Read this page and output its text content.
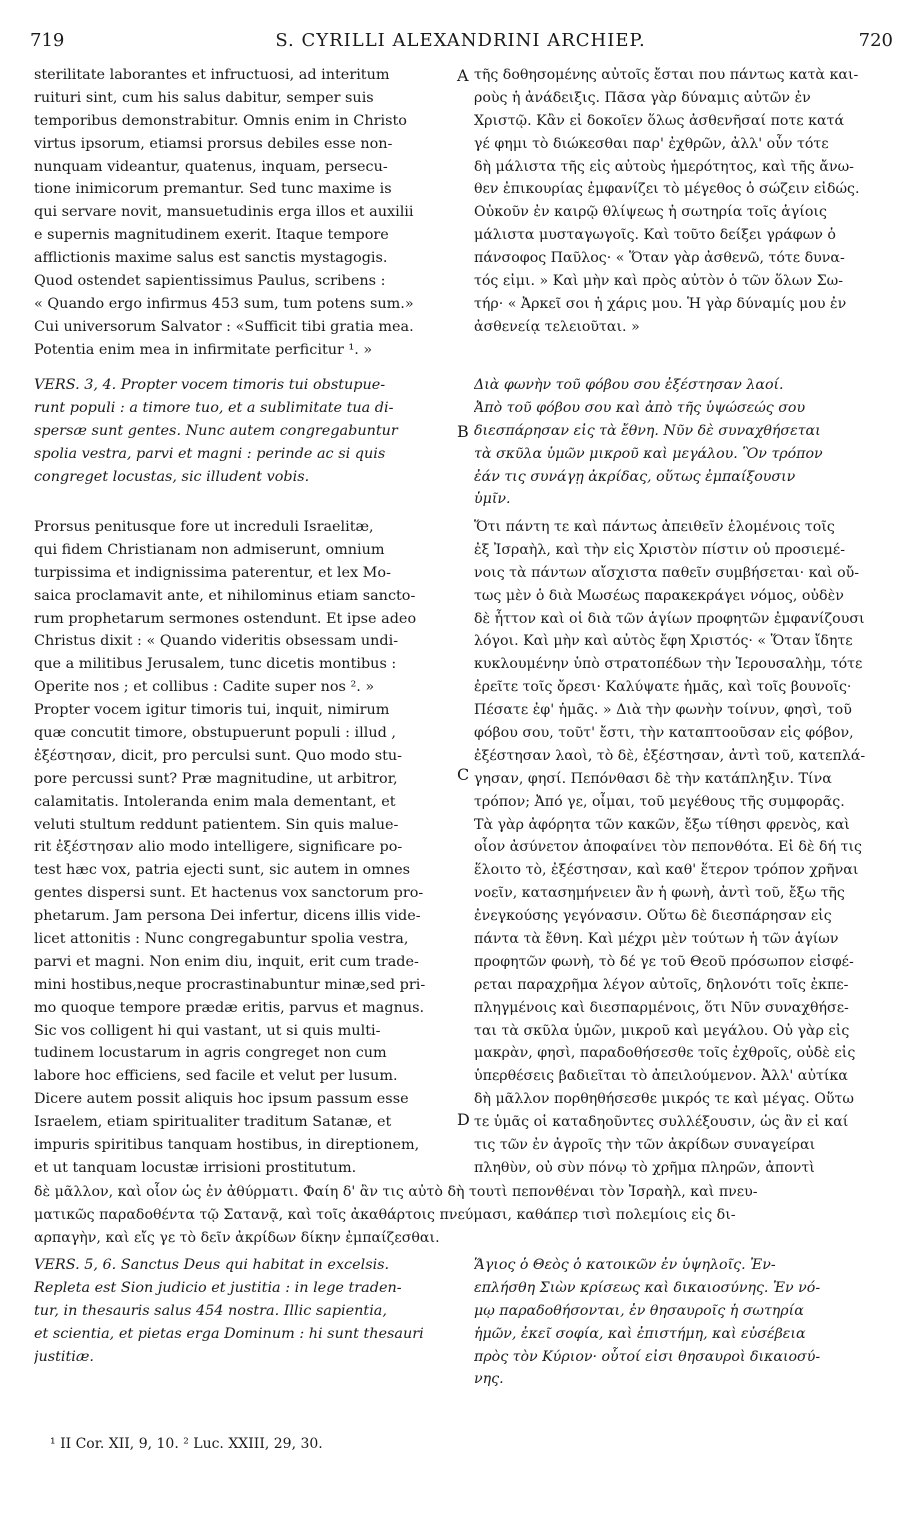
719	S. CYRILLI ALEXANDRINI ARCHIEP.	720
sterilitate laborantes et infructuosi, ad interitum
ruituri sint, cum his salus dabitur, semper suis
temporibus demonstrabitur. Omnis enim in Christo
virtus ipsorum, etiamsi prorsus debiles esse non-
nunquam videantur, quatenus, inquam, persecu-
tione inimicorum premantur. Sed tunc maxime is
qui servare novit, mansuetudinis erga illos et auxilii
e supernis magnitudinem exerit. Itaque tempore
afflictionis maxime salus est sanctis mystagogis.
Quod ostendet sapientissimus Paulus, scribens :
« Quando ergo infirmus 453 sum, tum potens sum.»
Cui universorum Salvator : «Sufficit tibi gratia mea.
Potentia enim mea in infirmitate perficitur ¹. »
VERS. 3, 4. Propter vocem timoris tui obstupue-
runt populi : a timore tuo, et a sublimitate tua di-
spersæ sunt gentes. Nunc autem congregabuntur
spolia vestra, parvi et magni : perinde ac si quis
congreget locustas, sic illudent vobis.
Prorsus penitusque fore ut increduli Israelitæ,
qui fidem Christianam non admiserunt, omnium
turpissima et indignissima paterentur, et lex Mo-
saica proclamavit ante, et nihilominus etiam sancto-
rum prophetarum sermones ostendunt. Et ipse adeo
Christus dixit : « Quando videritis obsessam undi-
que a militibus Jerusalem, tunc dicetis montibus :
Operite nos ; et collibus : Cadite super nos ². »
Propter vocem igitur timoris tui, inquit, nimirum
quæ concutit timore, obstupuerunt populi : illud ,
ἐξέστησαν, dicit, pro perculsi sunt. Quo modo stu-
pore percussi sunt? Præ magnitudine, ut arbitror,
calamitatis. Intoleranda enim mala dementant, et
veluti stultum reddunt patientem. Sin quis malue-
rit ἐξέστησαν alio modo intelligere, significare po-
test hæc vox, patria ejecti sunt, sic autem in omnes
gentes dispersi sunt. Et hactenus vox sanctorum pro-
phetarum. Jam persona Dei infertur, dicens illis vide-
licet attonitis : Nunc congregabuntur spolia vestra,
parvi et magni. Non enim diu, inquit, erit cum trade-
mini hostibus,neque procrastinabuntur minæ,sed pri-
mo quoque tempore prædæ eritis, parvus et magnus.
Sic vos colligent hi qui vastant, ut si quis multi-
tudinem locustarum in agris congreget non cum
labore hoc efficiens, sed facile et velut per lusum.
Dicere autem possit aliquis hoc ipsum passum esse
Israelem, etiam spiritualiter traditum Satanæ, et
impuris spiritibus tanquam hostibus, in direptionem,
et ut tanquam locustæ irrisioni prostitutum.
τῆς δοθησομένης αὐτοῖς ἔσται που πάντως κατὰ και-
ροὺς ἡ ἀνάδειξις. Πᾶσα γὰρ δύναμις αὐτῶν ἐν
Χριστῷ. Κἂν εἰ δοκοῖεν ὅλως ἀσθενῆσαί ποτε κατά
γέ φημι τὸ διώκεσθαι παρ' ἐχθρῶν, ἀλλ' οὖν τότε
δὴ μάλιστα τῆς εἰς αὐτοὺς ἡμερότητος, καὶ τῆς ἄνω-
θεν ἐπικουρίας ἐμφανίζει τὸ μέγεθος ὁ σώζειν εἰδώς.
Οὐκοῦν ἐν καιρῷ θλίψεως ἡ σωτηρία τοῖς ἁγίοις
μάλιστα μυσταγωγοῖς. Καὶ τοῦτο δείξει γράφων ὁ
πάνσοφος Παῦλος· « Ὅταν γὰρ ἀσθενῶ, τότε δυνα-
τός εἰμι. » Καὶ μὴν καὶ πρὸς αὐτὸν ὁ τῶν ὅλων Σω-
τήρ· « Ἀρκεῖ σοι ἡ χάρις μου. Ἡ γὰρ δύναμίς μου ἐν
ἀσθενείᾳ τελειοῦται. »
Διὰ φωνὴν τοῦ φόβου σου ἐξέστησαν λαοί.
Ἀπὸ τοῦ φόβου σου καὶ ἀπὸ τῆς ὑψώσεώς σου
διεσπάρησαν εἰς τὰ ἔθνη. Νῦν δὲ συναχθήσεται
τὰ σκῦλα ὑμῶν μικροῦ καὶ μεγάλου. Ὃν τρόπον
ἐάν τις συνάγῃ ἀκρίδας, οὕτως ἐμπαίξουσιν
ὑμῖν.
Ὅτι πάντη τε καὶ πάντως ἀπειθεῖν ἑλομένοις τοῖς
ἐξ Ἰσραὴλ, καὶ τὴν εἰς Χριστὸν πίστιν οὐ προσιεμέ-
νοις τὰ πάντων αἴσχιστα παθεῖν συμβήσεται· καὶ οὔ-
τως μὲν ὁ διὰ Μωσέως παρακεκράγει νόμος, οὐδὲν
δὲ ἧττον καὶ οἱ διὰ τῶν ἁγίων προφητῶν ἐμφανίζουσι
λόγοι. Καὶ μὴν καὶ αὐτὸς ἔφη Χριστός· « Ὅταν ἴδητε
κυκλουμένην ὑπὸ στρατοπέδων τὴν Ἱερουσαλὴμ, τότε
ἐρεῖτε τοῖς ὄρεσι· Καλύψατε ἡμᾶς, καὶ τοῖς βουνοῖς·
Πέσατε ἐφ' ἡμᾶς. » Διὰ τὴν φωνὴν τοίνυν, φησὶ, τοῦ
φόβου σου, τοῦτ' ἔστι, τὴν καταπτοοῦσαν εἰς φόβον,
ἐξέστησαν λαοὶ, τὸ δὲ, ἐξέστησαν, ἀντὶ τοῦ, κατεπλά-
γησαν, φησί. Πεπόνθασι δὲ τὴν κατάπληξιν. Τίνα
τρόπον; Ἀπό γε, οἶμαι, τοῦ μεγέθους τῆς συμφορᾶς.
Τὰ γὰρ ἀφόρητα τῶν κακῶν, ἔξω τίθησι φρενὸς, καὶ
οἷον ἀσύνετον ἀποφαίνει τὸν πεπονθότα. Εἰ δὲ δή τις
ἕλοιτο τὸ, ἐξέστησαν, καὶ καθ' ἕτερον τρόπον χρῆναι
νοεῖν, κατασημήνειεν ἂν ἡ φωνὴ, ἀντὶ τοῦ, ἔξω τῆς
ἐνεγκούσης γεγόνασιν. Οὕτω δὲ διεσπάρησαν εἰς
πάντα τὰ ἔθνη. Καὶ μέχρι μὲν τούτων ἡ τῶν ἁγίων
προφητῶν φωνὴ, τὸ δέ γε τοῦ Θεοῦ πρόσωπον εἰσφέ-
ρεται παραχρῆμα λέγον αὐτοῖς, δηλονότι τοῖς ἐκπε-
πληγμένοις καὶ διεσπαρμένοις, ὅτι Νῦν συναχθήσε-
ται τὰ σκῦλα ὑμῶν, μικροῦ καὶ μεγάλου. Οὐ γὰρ εἰς
μακρὰν, φησὶ, παραδοθήσεσθε τοῖς ἐχθροῖς, οὐδὲ εἰς
ὑπερθέσεις βαδιεῖται τὸ ἀπειλούμενον. Ἀλλ' αὐτίκα
δὴ μᾶλλον πορθηθήσεσθε μικρός τε καὶ μέγας. Οὕτω
τε ὑμᾶς οἱ καταδηοῦντες συλλέξουσιν, ὡς ἂν εἰ καί
τις τῶν ἐν ἀγροῖς τὴν τῶν ἀκρίδων συναγείραι
πληθὺν, οὐ σὺν πόνῳ τὸ χρῆμα πληρῶν, ἀποντὶ
δὲ μᾶλλον, καὶ οἷον ὡς ἐν ἀθύρματι. Φαίη δ' ἂν τις αὐτὸ δὴ τουτὶ πεπονθέναι τὸν Ἰσραὴλ, καὶ πνευ-
ματικῶς παραδοθέντα τῷ Σατανᾷ, καὶ τοῖς ἀκαθάρτοις πνεύμασι, καθάπερ τισὶ πολεμίοις εἰς δι-
αρπαγὴν, καὶ εἴς γε τὸ δεῖν ἀκρίδων δίκην ἐμπαίζεσθαι.
VERS. 5, 6. Sanctus Deus qui habitat in excelsis.
Repleta est Sion judicio et justitia : in lege traden-
tur, in thesauris salus 454 nostra. Illic sapientia,
et scientia, et pietas erga Dominum : hi sunt thesauri
justitiæ.
Ἅγιος ὁ Θεὸς ὁ κατοικῶν ἐν ὑψηλοῖς. Ἐν-
επλήσθη Σιὼν κρίσεως καὶ δικαιοσύνης. Ἐν νό-
μῳ παραδοθήσονται, ἐν θησαυροῖς ἡ σωτηρία
ἡμῶν, ἐκεῖ σοφία, καὶ ἐπιστήμη, καὶ εὐσέβεια
πρὸς τὸν Κύριον· οὗτοί εἰσι θησαυροὶ δικαιοσύ-
νης.
A
B
C
D
¹ II Cor. XII, 9, 10. ² Luc. XXIII, 29, 30.
